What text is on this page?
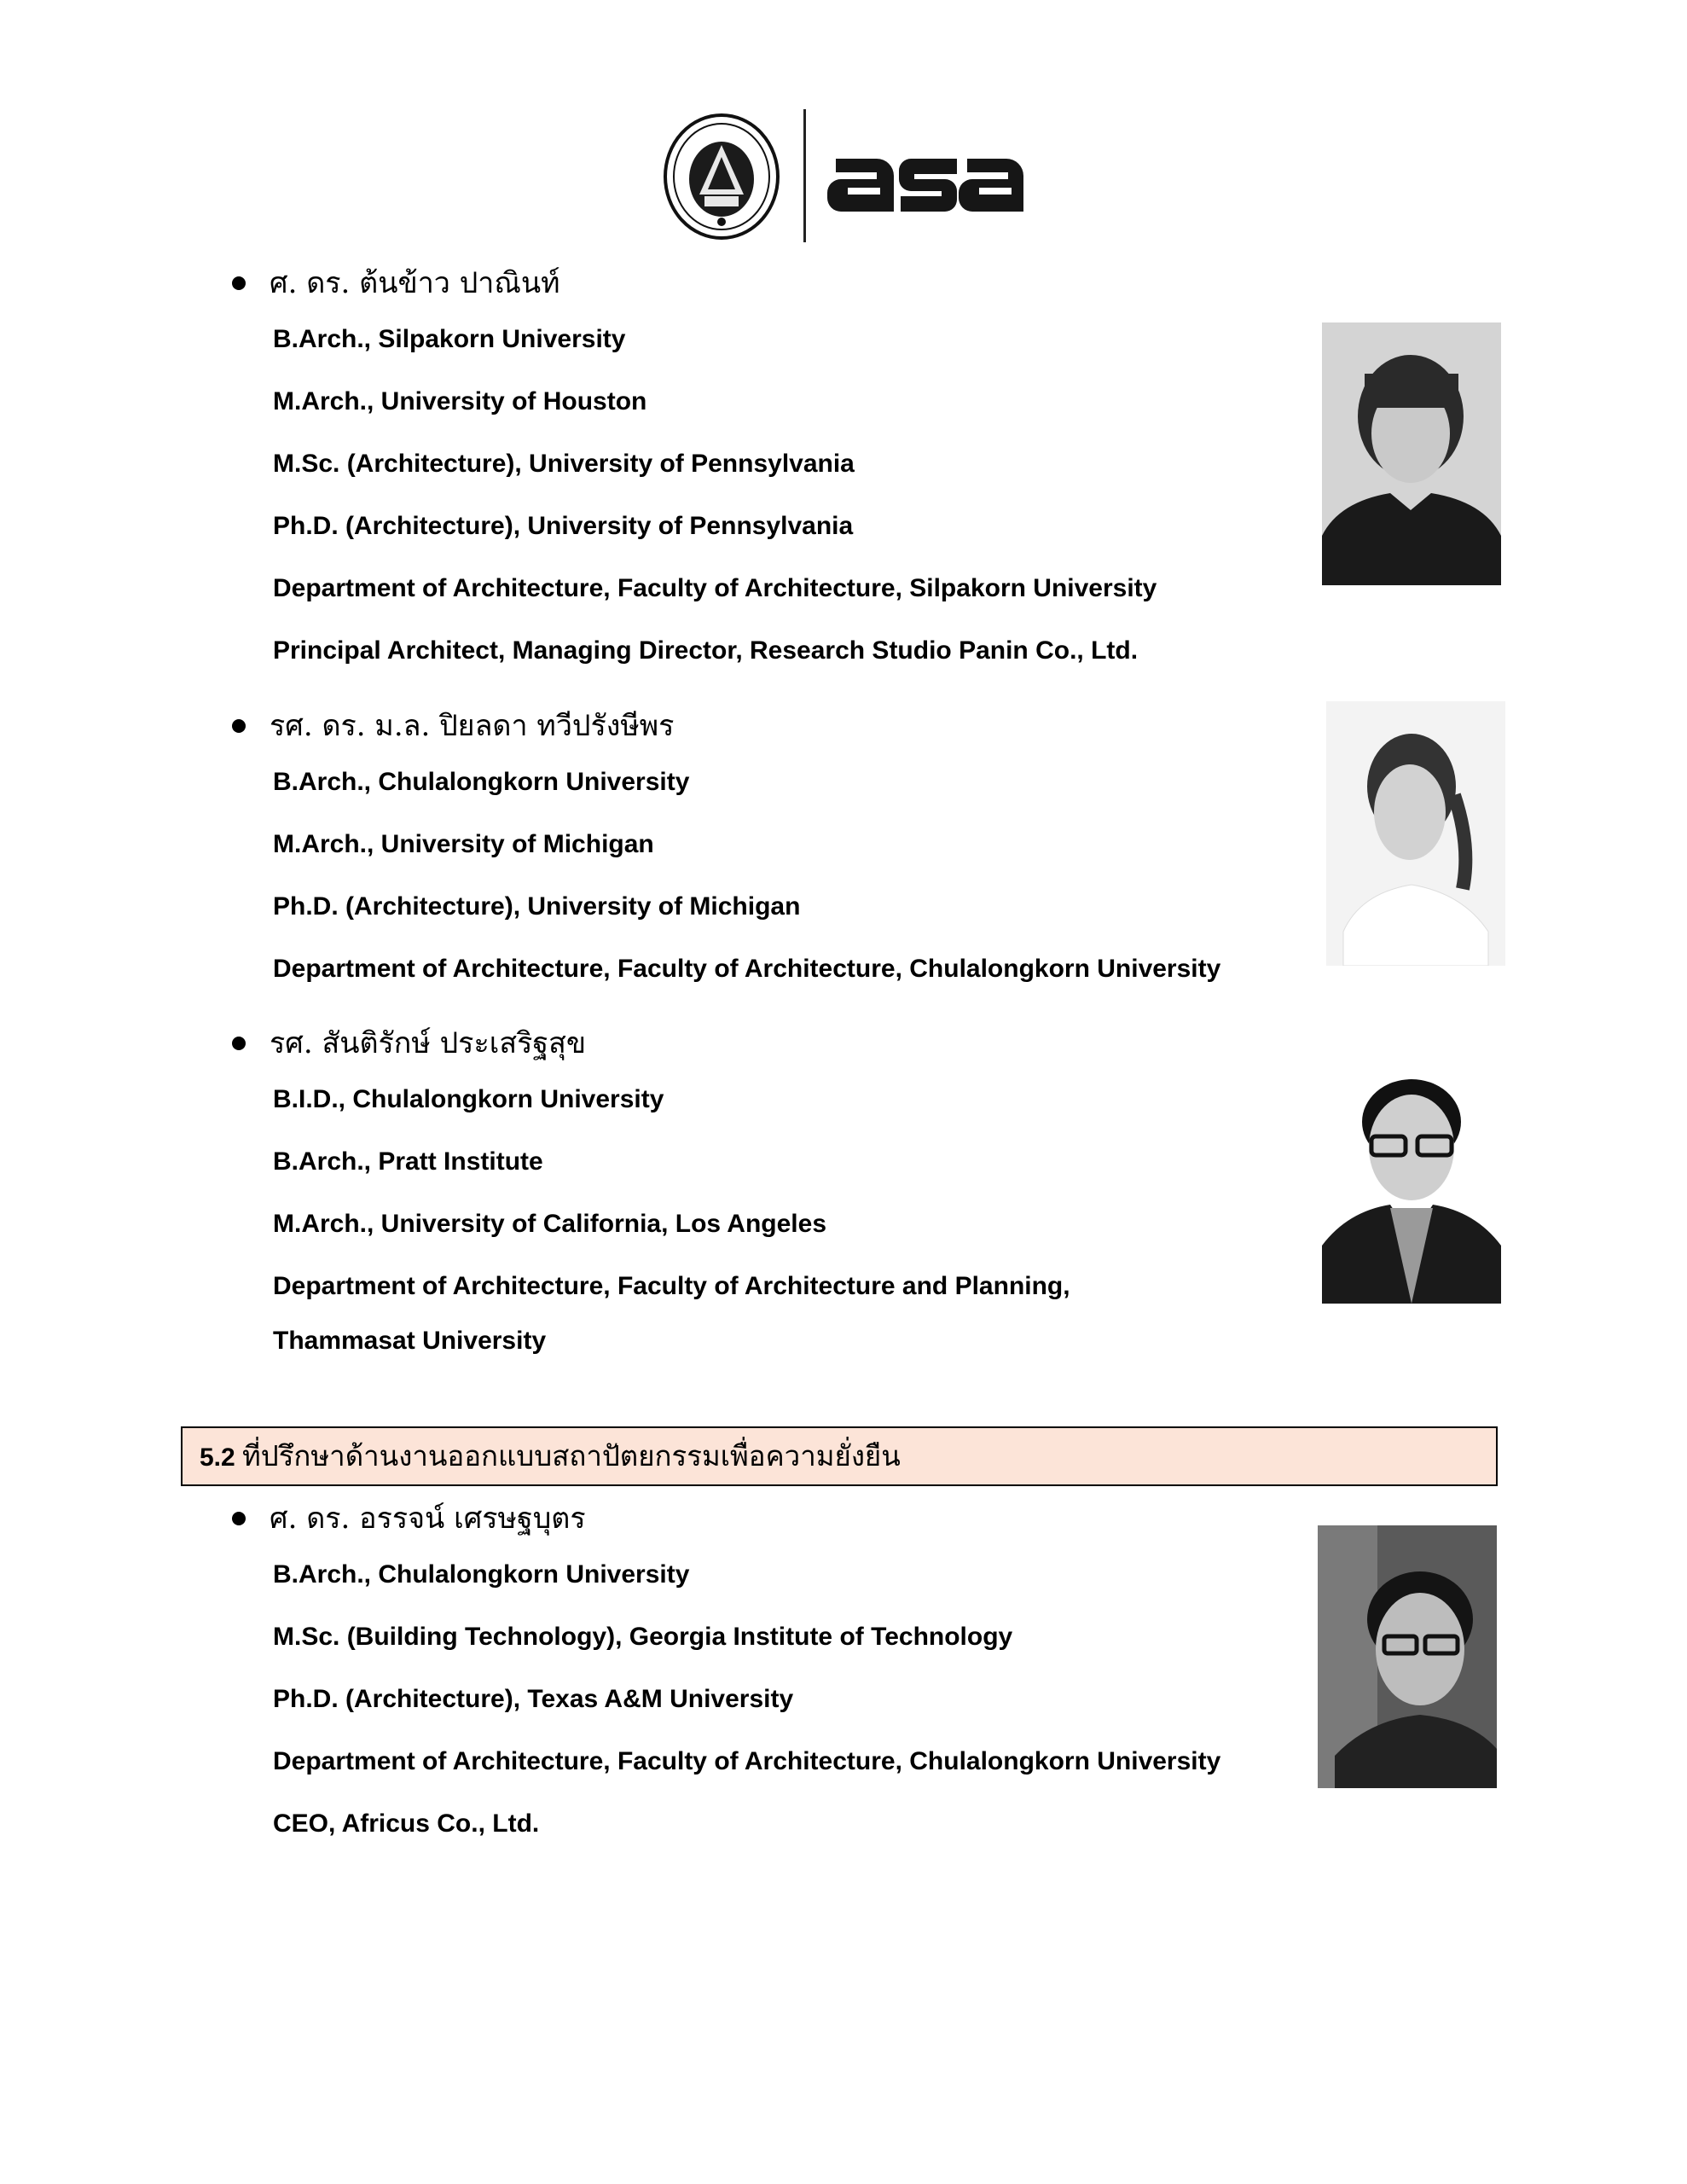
ศ. ดร. ต้นข้าว ปาณินท์
B.Arch., Silpakorn University
M.Arch., University of Houston
M.Sc. (Architecture), University of Pennsylvania
Ph.D. (Architecture), University of Pennsylvania
Department of Architecture, Faculty of Architecture, Silpakorn University
Principal Architect, Managing Director, Research Studio Panin Co., Ltd.
รศ. ดร. ม.ล. ปิยลดา ทวีปรังษีพร
B.Arch., Chulalongkorn University
M.Arch., University of Michigan
Ph.D. (Architecture), University of Michigan
Department of Architecture, Faculty of Architecture, Chulalongkorn University
รศ. สันติรักษ์ ประเสริฐสุข
B.I.D., Chulalongkorn University
B.Arch., Pratt Institute
M.Arch., University of California, Los Angeles
Department of Architecture, Faculty of Architecture and Planning,
Thammasat University
5.2 ที่ปรึกษาด้านงานออกแบบสถาปัตยกรรมเพื่อความยั่งยืน
ศ. ดร. อรรจน์ เศรษฐบุตร
B.Arch., Chulalongkorn University
M.Sc. (Building Technology), Georgia Institute of Technology
Ph.D. (Architecture), Texas A&M University
Department of Architecture, Faculty of Architecture, Chulalongkorn University
CEO, Africus Co., Ltd.
